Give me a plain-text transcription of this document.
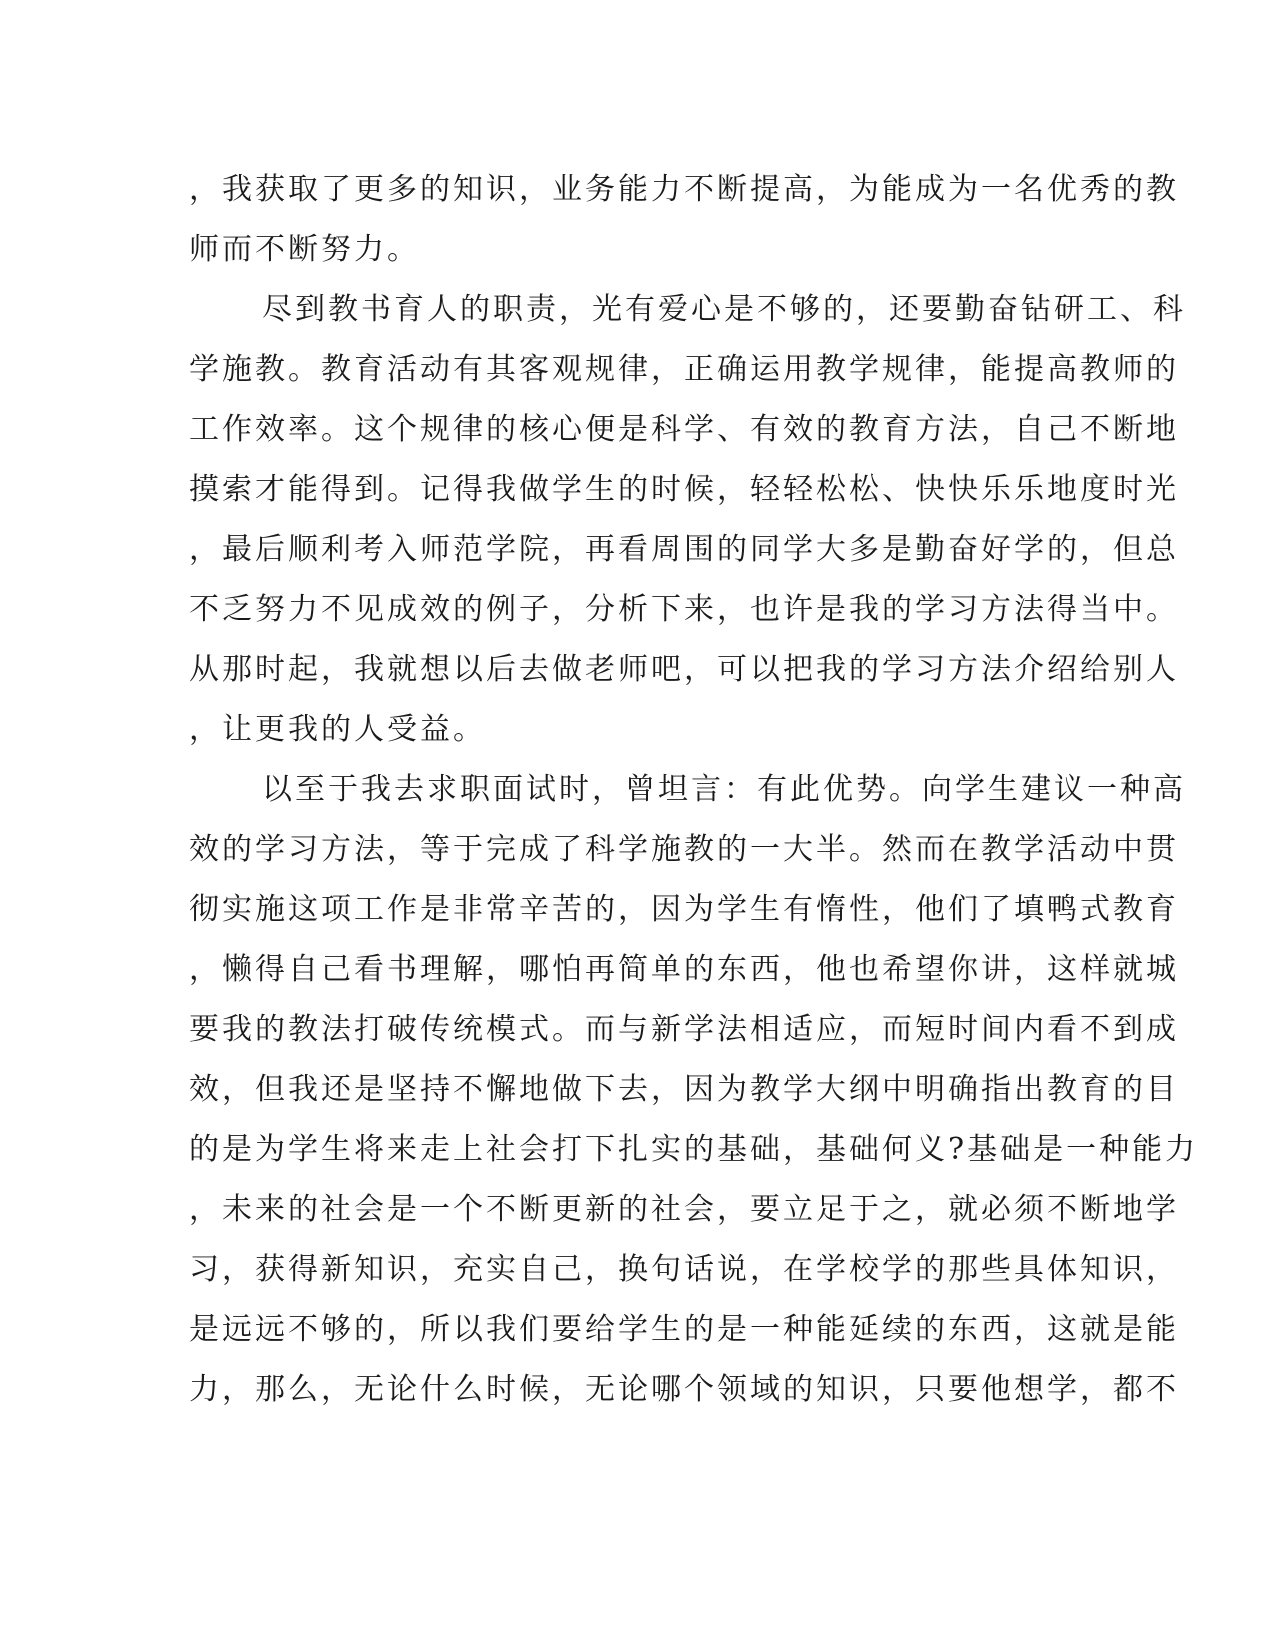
，我获取了更多的知识，业务能力不断提高，为能成为一名优秀的教
师而不断努力。
尽到教书育人的职责，光有爱心是不够的，还要勤奋钻研工、科
学施教。教育活动有其客观规律，正确运用教学规律，能提高教师的
工作效率。这个规律的核心便是科学、有效的教育方法，自己不断地
摸索才能得到。记得我做学生的时候，轻轻松松、快快乐乐地度时光
，最后顺利考入师范学院，再看周围的同学大多是勤奋好学的，但总
不乏努力不见成效的例子，分析下来，也许是我的学习方法得当中。
从那时起，我就想以后去做老师吧，可以把我的学习方法介绍给别人
，让更我的人受益。
以至于我去求职面试时，曾坦言：有此优势。向学生建议一种高
效的学习方法，等于完成了科学施教的一大半。然而在教学活动中贯
彻实施这项工作是非常辛苦的，因为学生有惰性，他们了填鸭式教育
，懒得自己看书理解，哪怕再简单的东西，他也希望你讲，这样就城
要我的教法打破传统模式。而与新学法相适应，而短时间内看不到成
效，但我还是坚持不懈地做下去，因为教学大纲中明确指出教育的目
的是为学生将来走上社会打下扎实的基础，基础何义?基础是一种能力
，未来的社会是一个不断更新的社会，要立足于之，就必须不断地学
习，获得新知识，充实自己，换句话说，在学校学的那些具体知识，
是远远不够的，所以我们要给学生的是一种能延续的东西，这就是能
力，那么，无论什么时候，无论哪个领域的知识，只要他想学，都不
